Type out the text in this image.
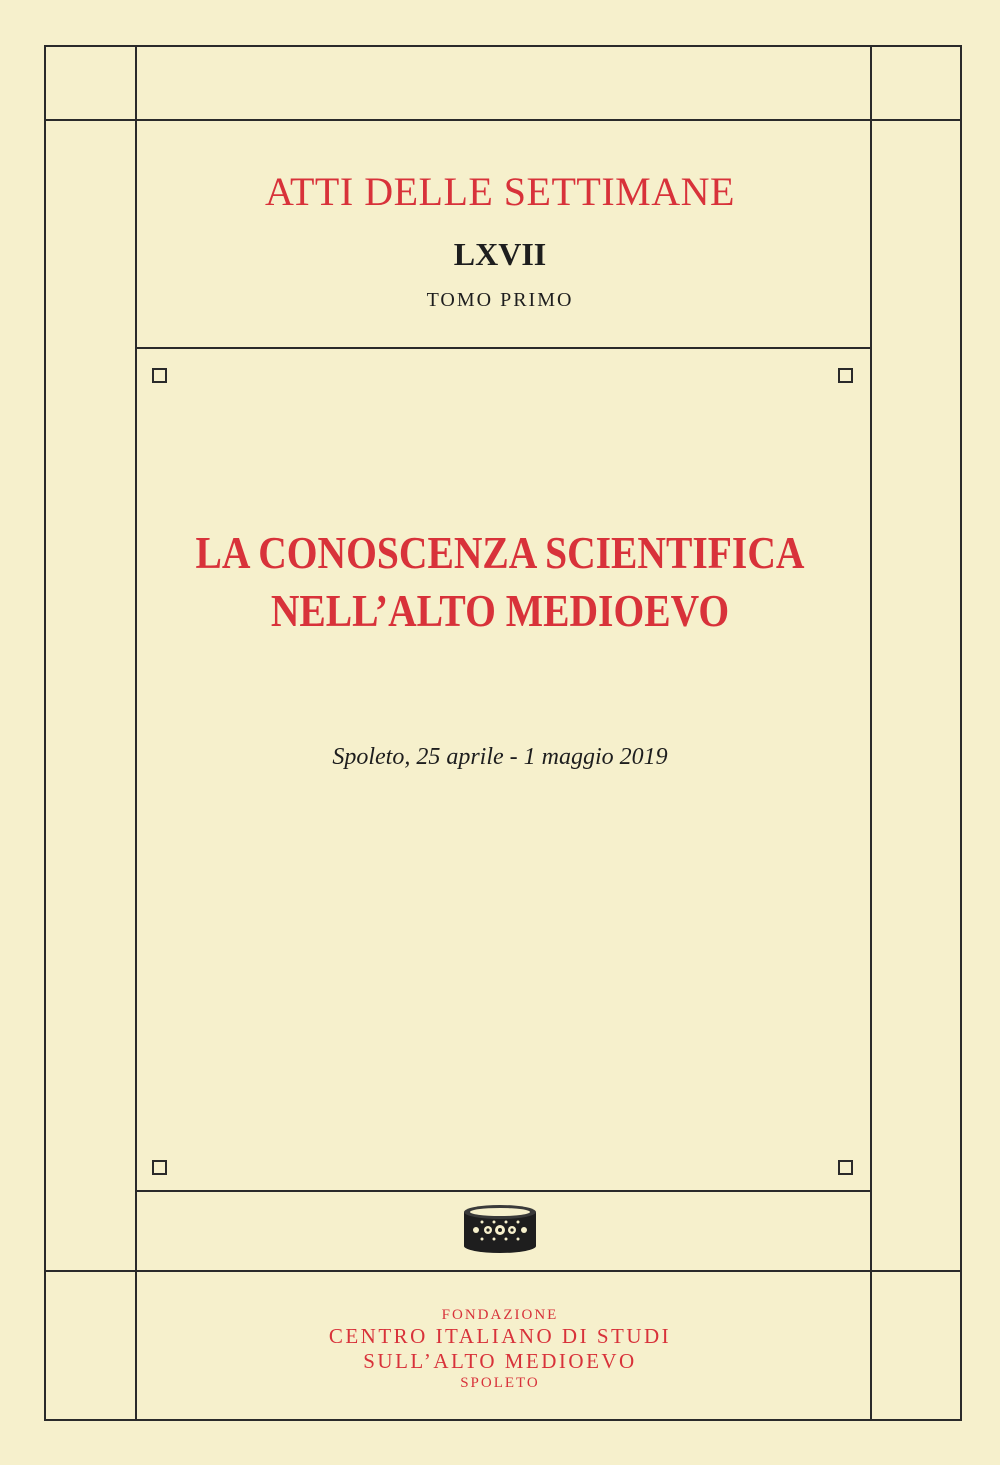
ATTI DELLE SETTIMANE
LXVII
TOMO PRIMO
LA CONOSCENZA SCIENTIFICA
NELL’ALTO MEDIOEVO
Spoleto, 25 aprile - 1 maggio 2019
FONDAZIONE
CENTRO ITALIANO DI STUDI
SULL’ALTO MEDIOEVO
SPOLETO
